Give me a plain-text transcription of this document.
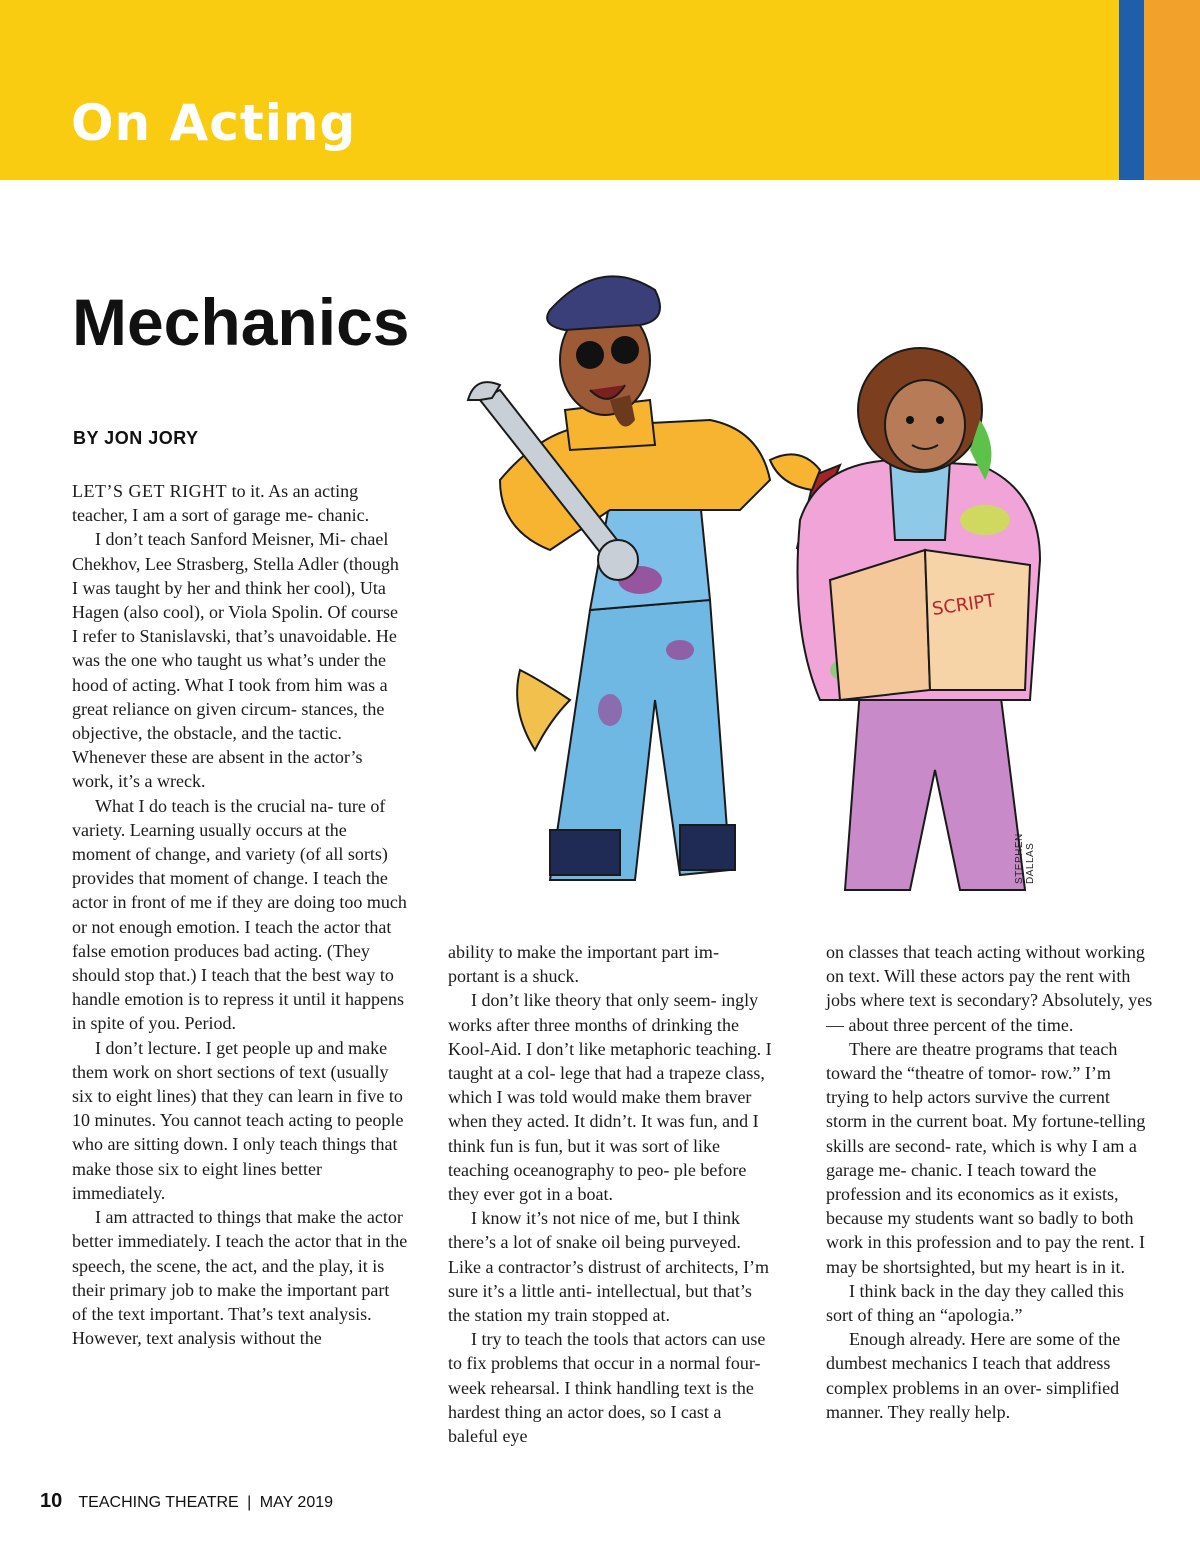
On Acting
Mechanics
BY JON JORY
SCRIPT
STEPHEN DALLAS

LET’S GET RIGHT to it. As an acting teacher, I am a sort of garage me- chanic.

I don’t teach Sanford Meisner, Mi- chael Chekhov, Lee Strasberg, Stella Adler (though I was taught by her and think her cool), Uta Hagen (also cool), or Viola Spolin. Of course I refer to Stanislavski, that’s unavoidable. He was the one who taught us what’s under the hood of acting. What I took from him was a great reliance on given circum- stances, the objective, the obstacle, and the tactic. Whenever these are absent in the actor’s work, it’s a wreck.

What I do teach is the crucial na- ture of variety. Learning usually occurs at the moment of change, and variety (of all sorts) provides that moment of change. I teach the actor in front of me if they are doing too much or not enough emotion. I teach the actor that false emotion produces bad acting. (They should stop that.) I teach that the best way to handle emotion is to repress it until it happens in spite of you. Period.

I don’t lecture. I get people up and make them work on short sections of text (usually six to eight lines) that they can learn in five to 10 minutes. You cannot teach acting to people who are sitting down. I only teach things that make those six to eight lines better immediately.

I am attracted to things that make the actor better immediately. I teach the actor that in the speech, the scene, the act, and the play, it is their primary job to make the important part of the text important. That’s text analysis. However, text analysis without the

ability to make the important part im- portant is a shuck.

I don’t like theory that only seem- ingly works after three months of drinking the Kool-Aid. I don’t like metaphoric teaching. I taught at a col- lege that had a trapeze class, which I was told would make them braver when they acted. It didn’t. It was fun, and I think fun is fun, but it was sort of like teaching oceanography to peo- ple before they ever got in a boat.

I know it’s not nice of me, but I think there’s a lot of snake oil being purveyed. Like a contractor’s distrust of architects, I’m sure it’s a little anti- intellectual, but that’s the station my train stopped at.

I try to teach the tools that actors can use to fix problems that occur in a normal four-week rehearsal. I think handling text is the hardest thing an actor does, so I cast a baleful eye

on classes that teach acting without working on text. Will these actors pay the rent with jobs where text is secondary? Absolutely, yes — about three percent of the time.

There are theatre programs that teach toward the “theatre of tomor- row.” I’m trying to help actors survive the current storm in the current boat. My fortune-telling skills are second- rate, which is why I am a garage me- chanic. I teach toward the profession and its economics as it exists, because my students want so badly to both work in this profession and to pay the rent. I may be shortsighted, but my heart is in it.

I think back in the day they called this sort of thing an “apologia.”

Enough already. Here are some of the dumbest mechanics I teach that address complex problems in an over- simplified manner. They really help.

10 TEACHING THEATRE | MAY 2019
